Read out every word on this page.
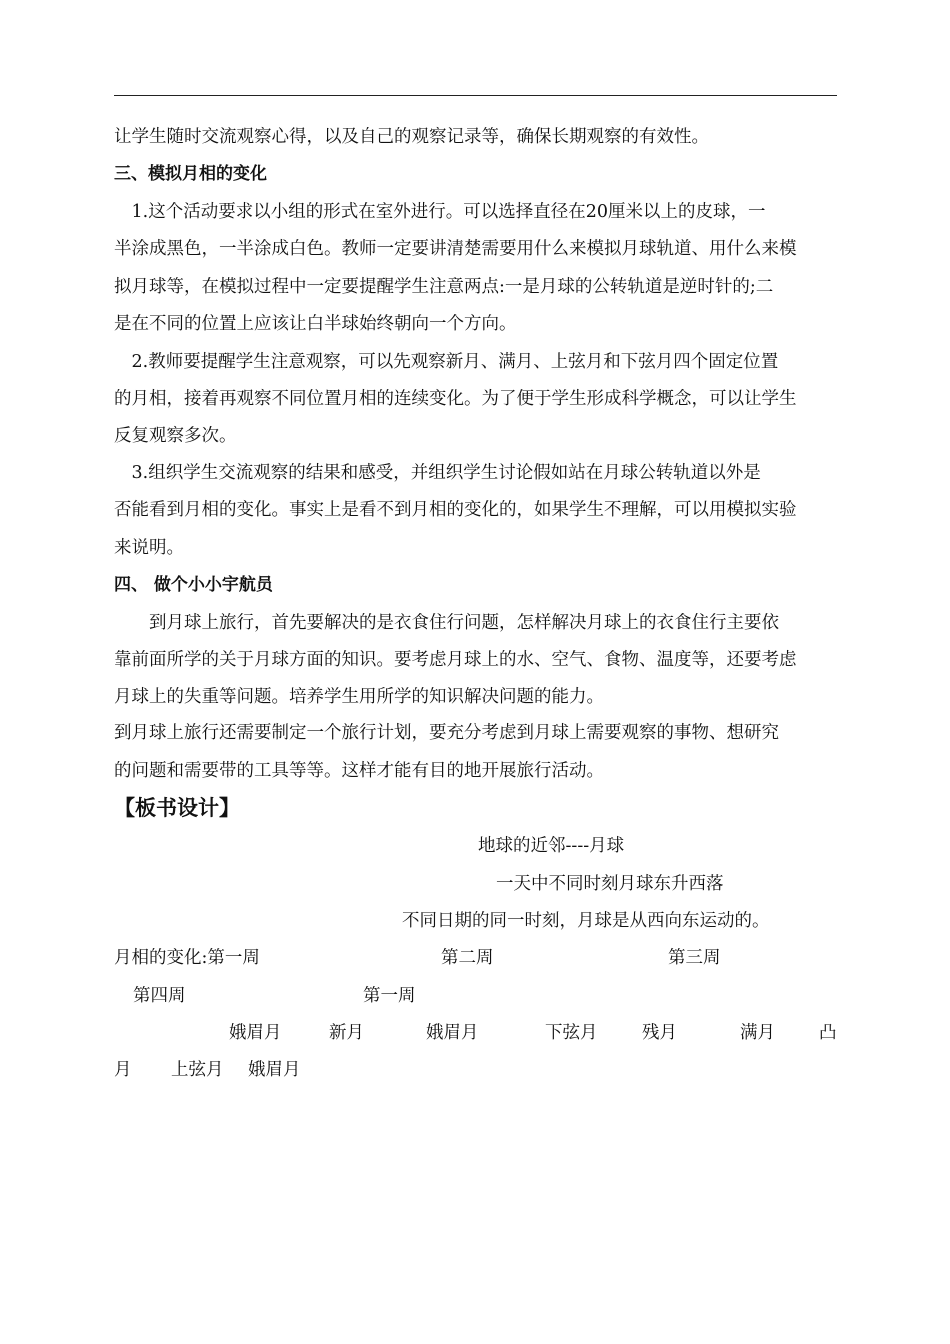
让学生随时交流观察心得，以及自己的观察记录等，确保长期观察的有效性。
三、模拟月相的变化
　1.这个活动要求以小组的形式在室外进行。可以选择直径在20厘米以上的皮球，一
半涂成黑色，一半涂成白色。教师一定要讲清楚需要用什么来模拟月球轨道、用什么来模
拟月球等，在模拟过程中一定要提醒学生注意两点:一是月球的公转轨道是逆时针的;二
是在不同的位置上应该让白半球始终朝向一个方向。
　2.教师要提醒学生注意观察，可以先观察新月、满月、上弦月和下弦月四个固定位置
的月相，接着再观察不同位置月相的连续变化。为了便于学生形成科学概念，可以让学生
反复观察多次。
　3.组织学生交流观察的结果和感受，并组织学生讨论假如站在月球公转轨道以外是
否能看到月相的变化。事实上是看不到月相的变化的，如果学生不理解，可以用模拟实验
来说明。
四、 做个小小宇航员
　　到月球上旅行，首先要解决的是衣食住行问题，怎样解决月球上的衣食住行主要依
靠前面所学的关于月球方面的知识。要考虑月球上的水、空气、食物、温度等，还要考虑
月球上的失重等问题。培养学生用所学的知识解决问题的能力。
到月球上旅行还需要制定一个旅行计划，要充分考虑到月球上需要观察的事物、想研究
的问题和需要带的工具等等。这样才能有目的地开展旅行活动。
【板书设计】
地球的近邻----月球
一天中不同时刻月球东升西落
不同日期的同一时刻，月球是从西向东运动的。
月相的变化:第一周	第二周	第三周
第四周	第一周
娥眉月	新月	娥眉月	下弦月	残月	满月	凸
月 上弦月 娥眉月
